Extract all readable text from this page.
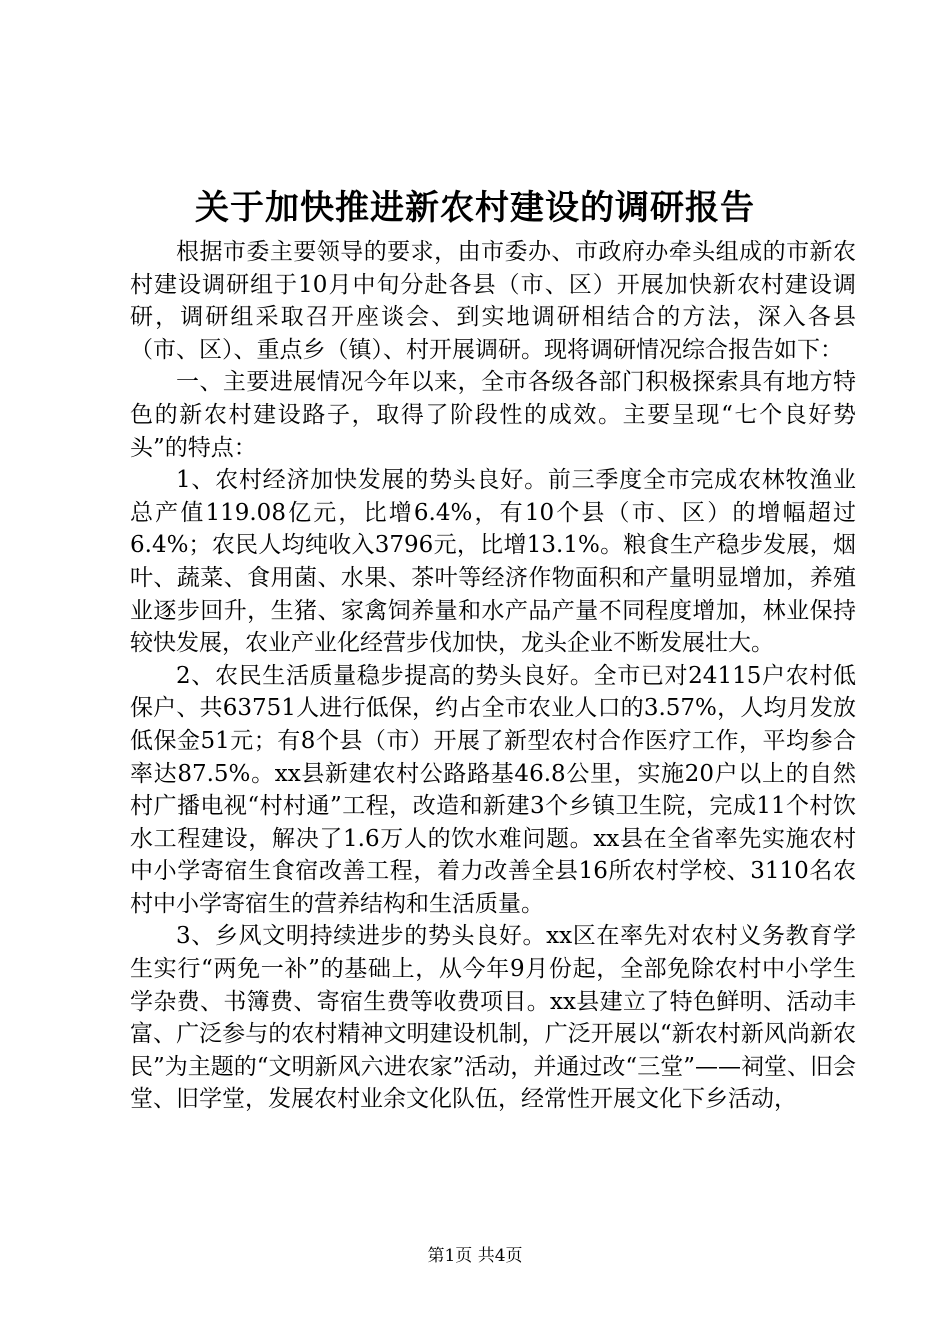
关于加快推进新农村建设的调研报告

根据市委主要领导的要求，由市委办、市政府办牵头组成的市新农村建设调研组于10月中旬分赴各县（市、区）开展加快新农村建设调研，调研组采取召开座谈会、到实地调研相结合的方法，深入各县（市、区）、重点乡（镇）、村开展调研。现将调研情况综合报告如下：

一、主要进展情况今年以来，全市各级各部门积极探索具有地方特色的新农村建设路子，取得了阶段性的成效。主要呈现“七个良好势头”的特点：

1、农村经济加快发展的势头良好。前三季度全市完成农林牧渔业总产值119.08亿元，比增6.4%，有10个县（市、区）的增幅超过6.4%；农民人均纯收入3796元，比增13.1%。粮食生产稳步发展，烟叶、蔬菜、食用菌、水果、茶叶等经济作物面积和产量明显增加，养殖业逐步回升，生猪、家禽饲养量和水产品产量不同程度增加，林业保持较快发展，农业产业化经营步伐加快，龙头企业不断发展壮大。

2、农民生活质量稳步提高的势头良好。全市已对24115户农村低保户、共63751人进行低保，约占全市农业人口的3.57%，人均月发放低保金51元；有8个县（市）开展了新型农村合作医疗工作，平均参合率达87.5%。xx县新建农村公路路基46.8公里，实施20户以上的自然村广播电视“村村通”工程，改造和新建3个乡镇卫生院，完成11个村饮水工程建设，解决了1.6万人的饮水难问题。xx县在全省率先实施农村中小学寄宿生食宿改善工程，着力改善全县16所农村学校、3110名农村中小学寄宿生的营养结构和生活质量。

3、乡风文明持续进步的势头良好。xx区在率先对农村义务教育学生实行“两免一补”的基础上，从今年9月份起，全部免除农村中小学生学杂费、书簿费、寄宿生费等收费项目。xx县建立了特色鲜明、活动丰富、广泛参与的农村精神文明建设机制，广泛开展以“新农村新风尚新农民”为主题的“文明新风六进农家”活动，并通过改“三堂”——祠堂、旧会堂、旧学堂，发展农村业余文化队伍，经常性开展文化下乡活动，

第1页 共4页
